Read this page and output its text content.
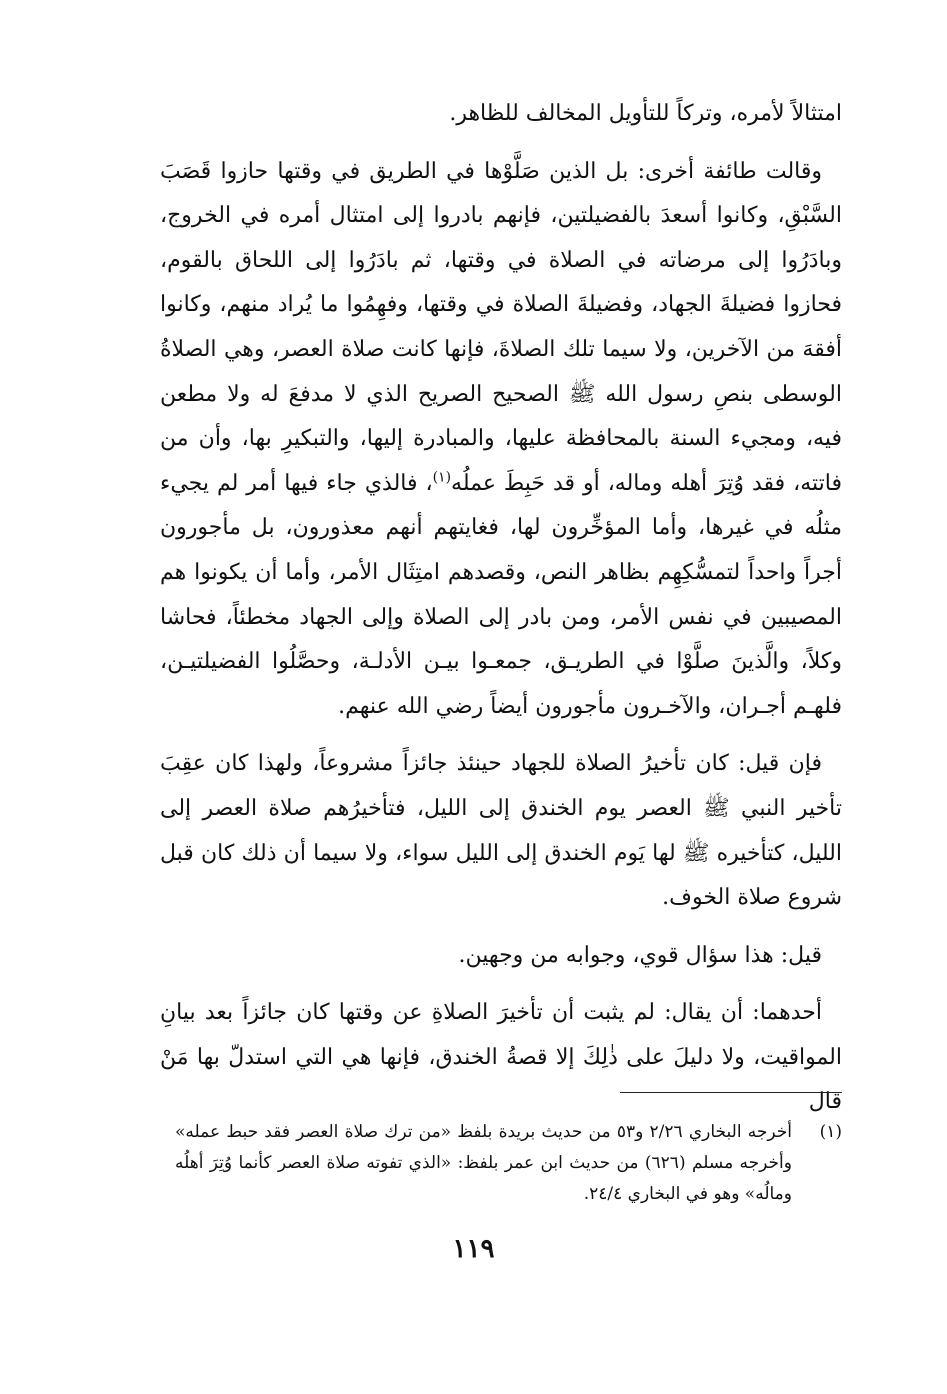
امتثالاً لأمره، وتركاً للتأويل المخالف للظاهر.

وقالت طائفة أخرى: بل الذين صَلَّوْها في الطريق في وقتها حازوا قَصَبَ السَّبْقِ، وكانوا أسعدَ بالفضيلتين، فإنهم بادروا إلى امتثال أمره في الخروج، وبادَرُوا إلى مرضاته في الصلاة في وقتها، ثم بادَرُوا إلى اللحاق بالقوم، فحازوا فضيلةَ الجهاد، وفضيلةَ الصلاة في وقتها، وفهِمُوا ما يُراد منهم، وكانوا أفقهَ من الآخرين، ولا سيما تلك الصلاةَ، فإنها كانت صلاة العصر، وهي الصلاةُ الوسطى بنصِ رسول الله ﷺ الصحيح الصريح الذي لا مدفعَ له ولا مطعن فيه، ومجيء السنة بالمحافظة عليها، والمبادرة إليها، والتبكيرِ بها، وأن من فاتته، فقد وُتِرَ أهله وماله، أو قد حَبِطَ عملُه$^{(١)}$، فالذي جاء فيها أمر لم يجيء مثلُه في غيرها، وأما المؤخِّرون لها، فغايتهم أنهم معذورون، بل مأجورون أجراً واحداً لتمسُّكِهِم بظاهر النص، وقصدهم امتِثَال الأمر، وأما أن يكونوا هم المصيبين في نفس الأمر، ومن بادر إلى الصلاة وإلى الجهاد مخطئاً، فحاشا وكلاً، والَّذينَ صلَّوْا في الطريـق، جمعـوا بيـن الأدلـة، وحصَّلُوا الفضيلتيـن، فلهـم أجـران، والآخـرون مأجورون أيضاً رضي الله عنهم.

فإن قيل: كان تأخيرُ الصلاة للجهاد حينئذ جائزاً مشروعاً، ولهذا كان عقِبَ تأخير النبي ﷺ العصر يوم الخندق إلى الليل، فتأخيرُهم صلاة العصر إلى الليل، كتأخيره ﷺ لها يَوم الخندق إلى الليل سواء، ولا سيما أن ذلك كان قبل شروع صلاة الخوف.

قيل: هذا سؤال قوي، وجوابه من وجهين.

أحدهما: أن يقال: لم يثبت أن تأخيرَ الصلاةِ عن وقتها كان جائزاً بعد بيانِ المواقيت، ولا دليلَ على ذٰلِكَ إلا قصةُ الخندق، فإنها هي التي استدلّ بها مَنْ قال

(١)
أخرجه البخاري ٢/٢٦ و٥٣ من حديث بريدة بلفظ «من ترك صلاة العصر فقد حبط عمله» وأخرجه مسلم (٦٢٦) من حديث ابن عمر بلفظ: «الذي تفوته صلاة العصر كأنما وُتِرَ أهلُه ومالُه» وهو في البخاري ٢٤/٤.
١١٩
